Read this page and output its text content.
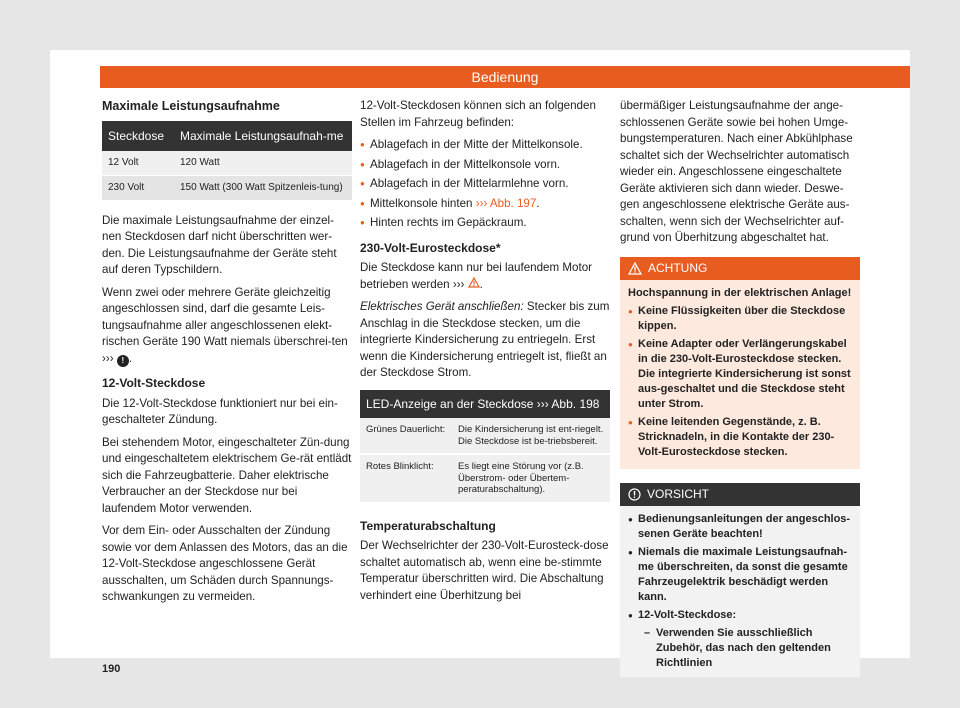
Bedienung
Maximale Leistungsaufnahme
Steckdose	Maximale Leistungsaufnah-me
12 Volt	120 Watt
230 Volt	150 Watt (300 Watt Spitzenleis-tung)

Die maximale Leistungsaufnahme der einzel-nen Steckdosen darf nicht überschritten wer-den. Die Leistungsaufnahme der Geräte steht auf deren Typschildern.

Wenn zwei oder mehrere Geräte gleichzeitig angeschlossen sind, darf die gesamte Leis-tungsaufnahme aller angeschlossenen elekt-rischen Geräte 190 Watt niemals überschrei-ten ››› ! .

12-Volt-Steckdose

Die 12-Volt-Steckdose funktioniert nur bei ein-geschalteter Zündung.

Bei stehendem Motor, eingeschalteter Zün-dung und eingeschaltetem elektrischem Ge-rät entlädt sich die Fahrzeugbatterie. Daher elektrische Verbraucher an der Steckdose nur bei laufendem Motor verwenden.

Vor dem Ein- oder Ausschalten der Zündung sowie vor dem Anlassen des Motors, das an die 12-Volt-Steckdose angeschlossene Gerät ausschalten, um Schäden durch Spannungs-schwankungen zu vermeiden.

12-Volt-Steckdosen können sich an folgenden Stellen im Fahrzeug befinden:

● Ablagefach in der Mitte der Mittelkonsole.
● Ablagefach in der Mittelkonsole vorn.
● Ablagefach in der Mittelarmlehne vorn.
● Mittelkonsole hinten ››› Abb. 197.
● Hinten rechts im Gepäckraum.
230-Volt-Eurosteckdose*

Die Steckdose kann nur bei laufendem Motor betrieben werden ››› .

Elektrisches Gerät anschließen: Stecker bis zum Anschlag in die Steckdose stecken, um die integrierte Kindersicherung zu entriegeln. Erst wenn die Kindersicherung entriegelt ist, fließt an der Steckdose Strom.

LED-Anzeige an der Steckdose ››› Abb. 198
Grünes Dauerlicht:	Die Kindersicherung ist ent-riegelt. Die Steckdose ist be-triebsbereit.
Rotes Blinklicht:	Es liegt eine Störung vor (z.B. Überstrom- oder Übertem-peraturabschaltung).
Temperaturabschaltung

Der Wechselrichter der 230-Volt-Eurosteck-dose schaltet automatisch ab, wenn eine be-stimmte Temperatur überschritten wird. Die Abschaltung verhindert eine Überhitzung bei

übermäßiger Leistungsaufnahme der ange-schlossenen Geräte sowie bei hohen Umge-bungstemperaturen. Nach einer Abkühlphase schaltet sich der Wechselrichter automatisch wieder ein. Angeschlossene eingeschaltete Geräte aktivieren sich dann wieder. Deswe-gen angeschlossene elektrische Geräte aus-schalten, wenn sich der Wechselrichter auf-grund von Überhitzung abgeschaltet hat.

ACHTUNG

Hochspannung in der elektrischen Anlage!

● Keine Flüssigkeiten über die Steckdose kippen.
● Keine Adapter oder Verlängerungskabel in die 230-Volt-Eurosteckdose stecken. Die integrierte Kindersicherung ist sonst aus-geschaltet und die Steckdose steht unter Strom.
● Keine leitenden Gegenstände, z. B. Stricknadeln, in die Kontakte der 230-Volt-Eurosteckdose stecken.
VORSICHT
● Bedienungsanleitungen der angeschlos-senen Geräte beachten!
● Niemals die maximale Leistungsaufnah-me überschreiten, da sonst die gesamte Fahrzeugelektrik beschädigt werden kann.
● 12-Volt-Steckdose:
– Verwenden Sie ausschließlich Zubehör, das nach den geltenden Richtlinien
190
